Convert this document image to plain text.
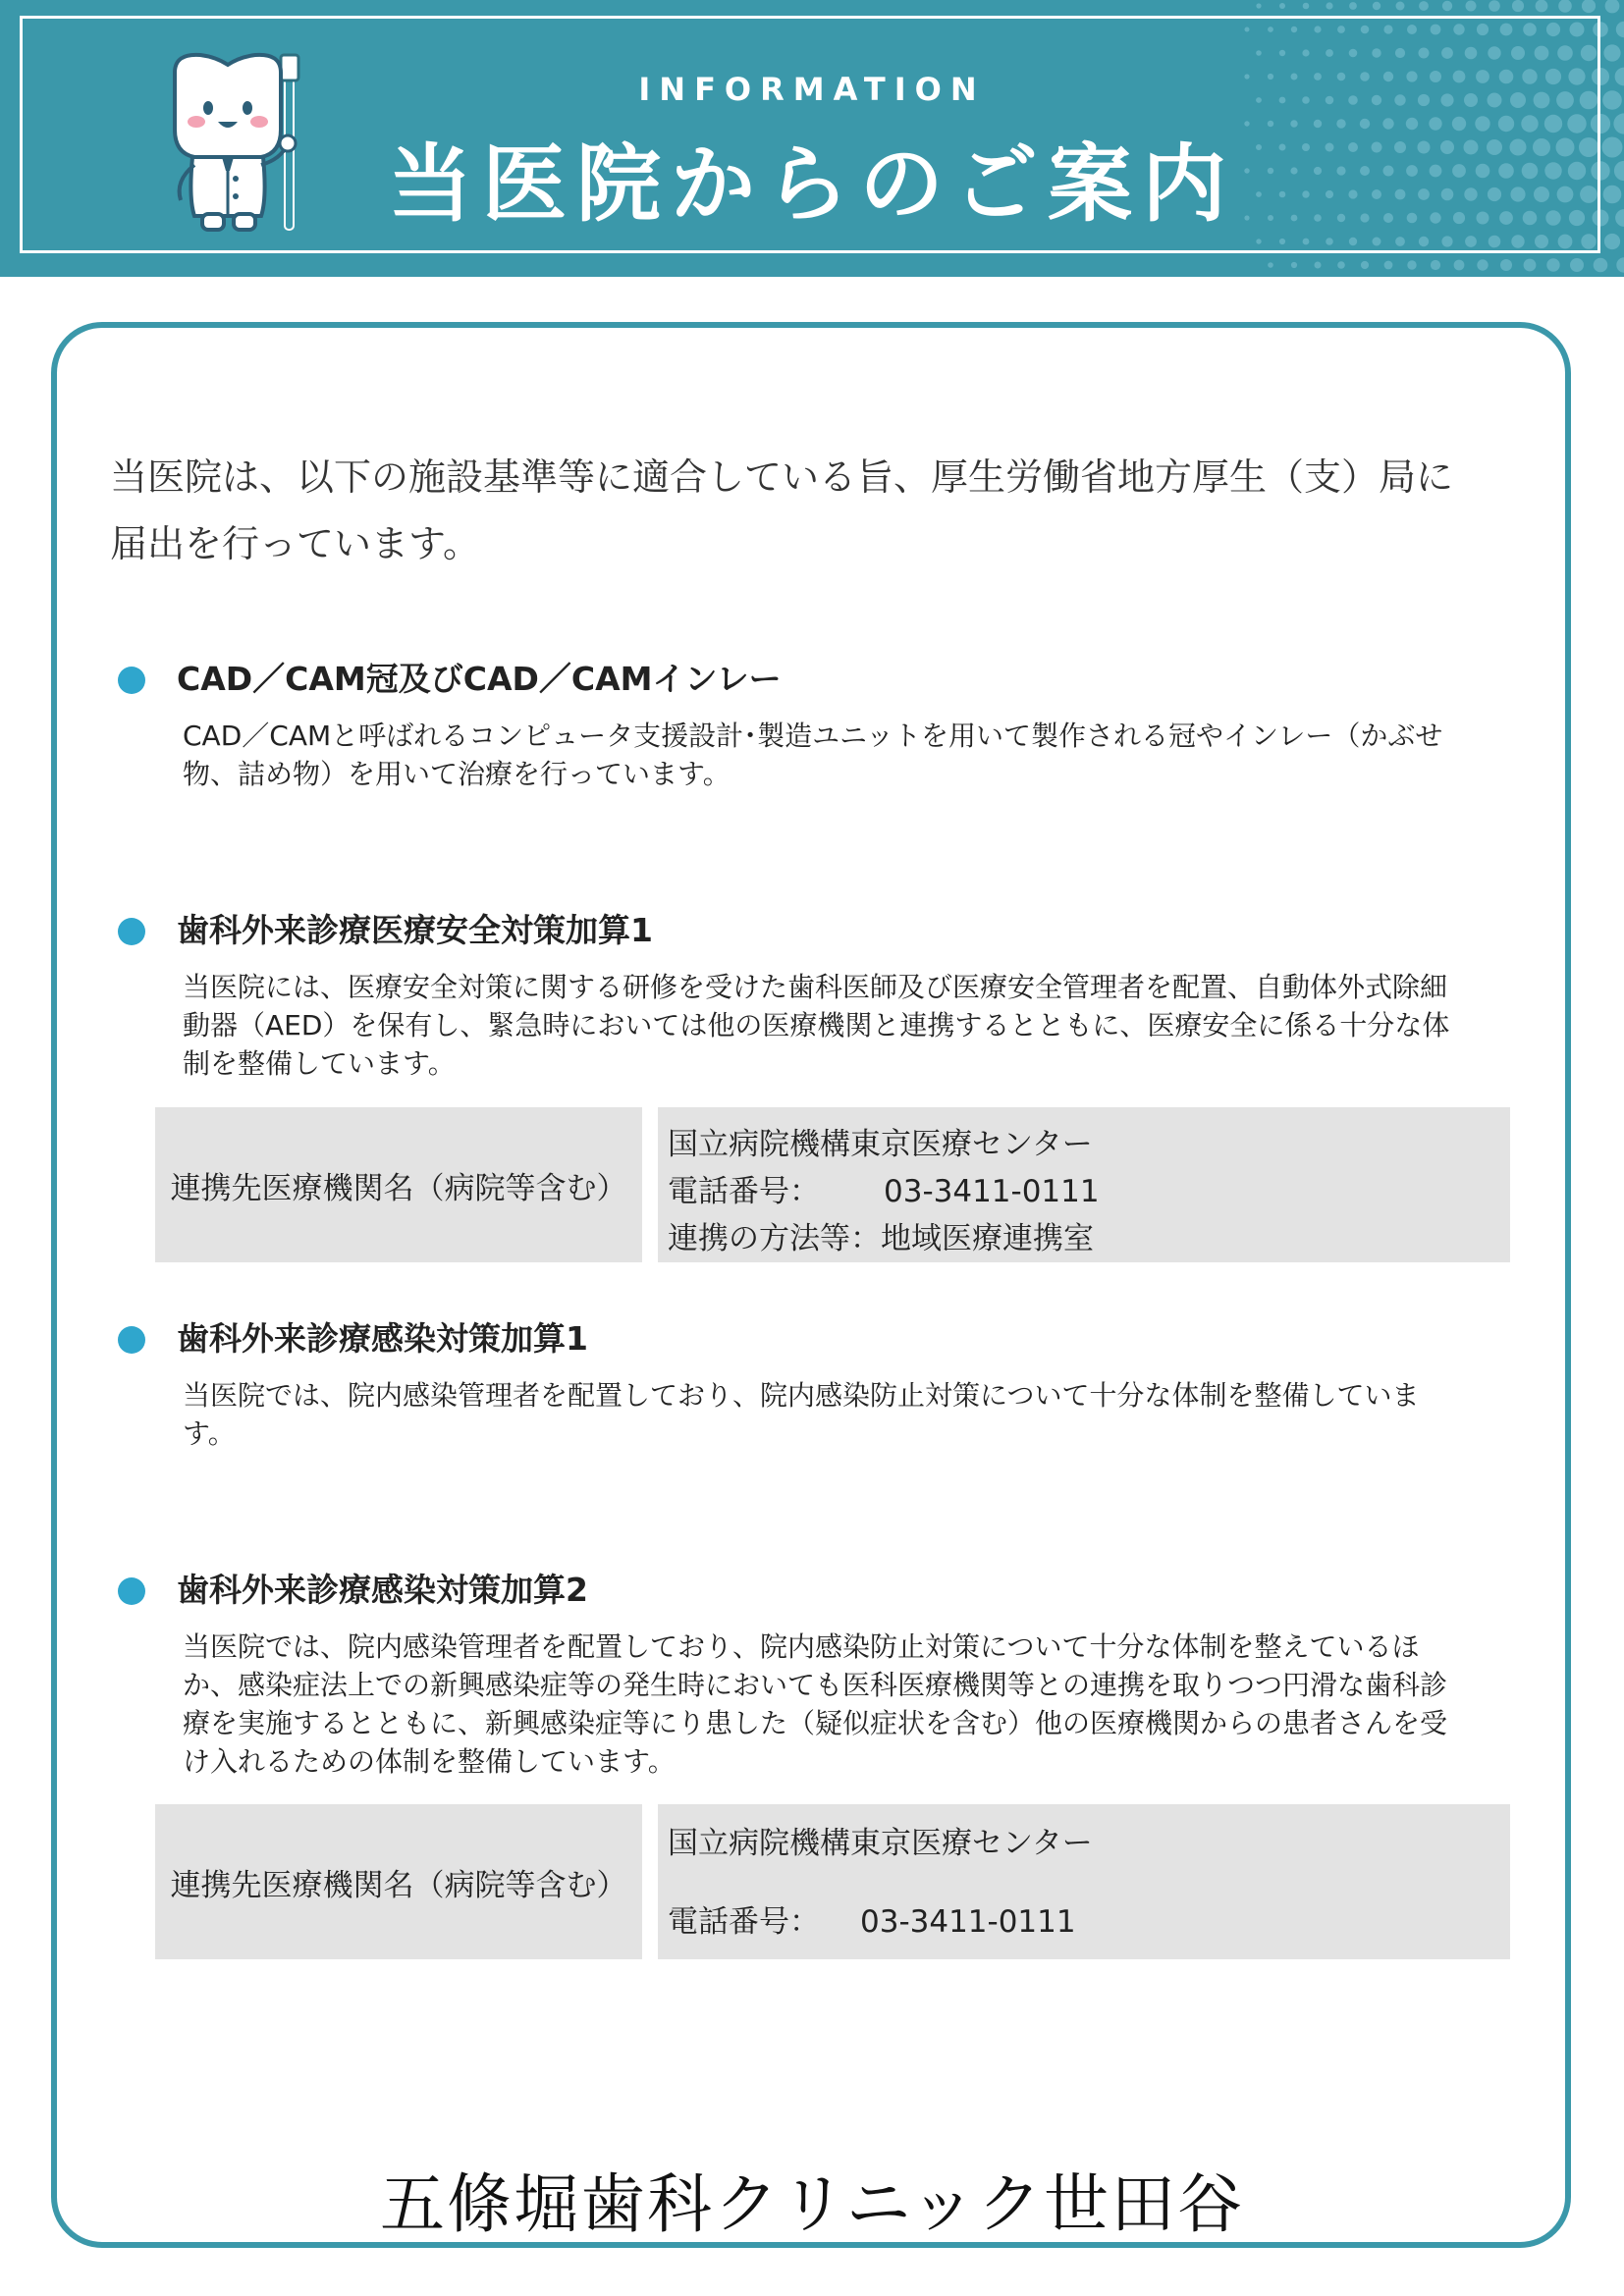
INFORMATION
当医院からのご案内
当医院は、以下の施設基準等に適合している旨、厚生労働省地方厚生（支）局に
届出を行っています。
CAD／CAM冠及びCAD／CAMインレー
CAD／CAMと呼ばれるコンピュータ支援設計･製造ユニットを用いて製作される冠やインレー（かぶせ物、詰め物）を用いて治療を行っています。
歯科外来診療医療安全対策加算1
当医院には、医療安全対策に関する研修を受けた歯科医師及び医療安全管理者を配置、自動体外式除細動器（AED）を保有し、緊急時においては他の医療機関と連携するとともに、医療安全に係る十分な体制を整備しています。
連携先医療機関名（病院等含む）
国立病院機構東京医療センター
電話番号： 03-3411-0111
連携の方法等：地域医療連携室
歯科外来診療感染対策加算1
当医院では、院内感染管理者を配置しており、院内感染防止対策について十分な体制を整備しています。
歯科外来診療感染対策加算2
当医院では、院内感染管理者を配置しており、院内感染防止対策について十分な体制を整えているほか、感染症法上での新興感染症等の発生時においても医科医療機関等との連携を取りつつ円滑な歯科診療を実施するとともに、新興感染症等にり患した（疑似症状を含む）他の医療機関からの患者さんを受け入れるための体制を整備しています。
連携先医療機関名（病院等含む）
国立病院機構東京医療センター
電話番号： 03-3411-0111
五條堀歯科クリニック世田谷
